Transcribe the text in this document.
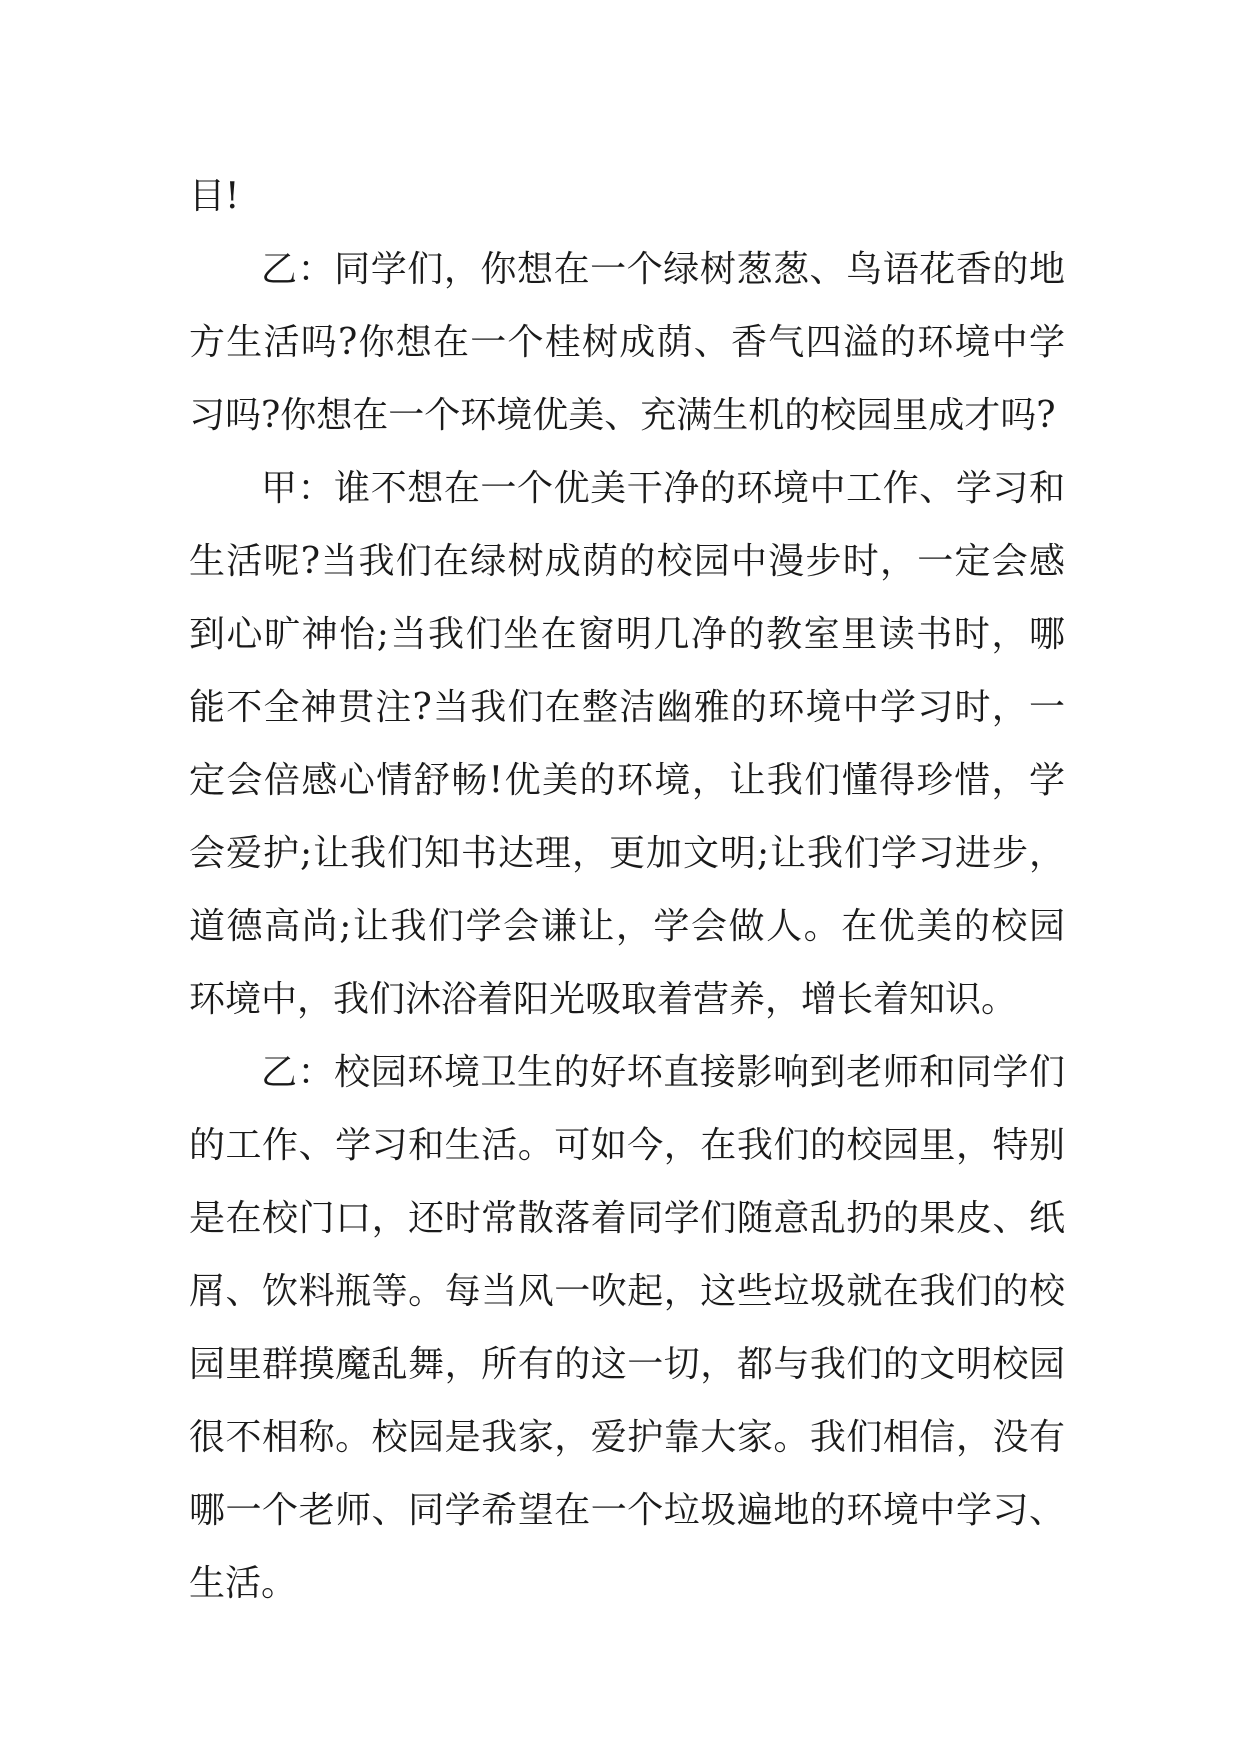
目!

乙：同学们，你想在一个绿树葱葱、鸟语花香的地方生活吗?你想在一个桂树成荫、香气四溢的环境中学习吗?你想在一个环境优美、充满生机的校园里成才吗?

甲：谁不想在一个优美干净的环境中工作、学习和生活呢?当我们在绿树成荫的校园中漫步时，一定会感到心旷神怡;当我们坐在窗明几净的教室里读书时，哪能不全神贯注?当我们在整洁幽雅的环境中学习时，一定会倍感心情舒畅!优美的环境，让我们懂得珍惜，学会爱护;让我们知书达理，更加文明;让我们学习进步，道德高尚;让我们学会谦让，学会做人。在优美的校园环境中，我们沐浴着阳光吸取着营养，增长着知识。

乙：校园环境卫生的好坏直接影响到老师和同学们的工作、学习和生活。可如今，在我们的校园里，特别是在校门口，还时常散落着同学们随意乱扔的果皮、纸屑、饮料瓶等。每当风一吹起，这些垃圾就在我们的校园里群摸魔乱舞，所有的这一切，都与我们的文明校园很不相称。校园是我家，爱护靠大家。我们相信，没有哪一个老师、同学希望在一个垃圾遍地的环境中学习、生活。
